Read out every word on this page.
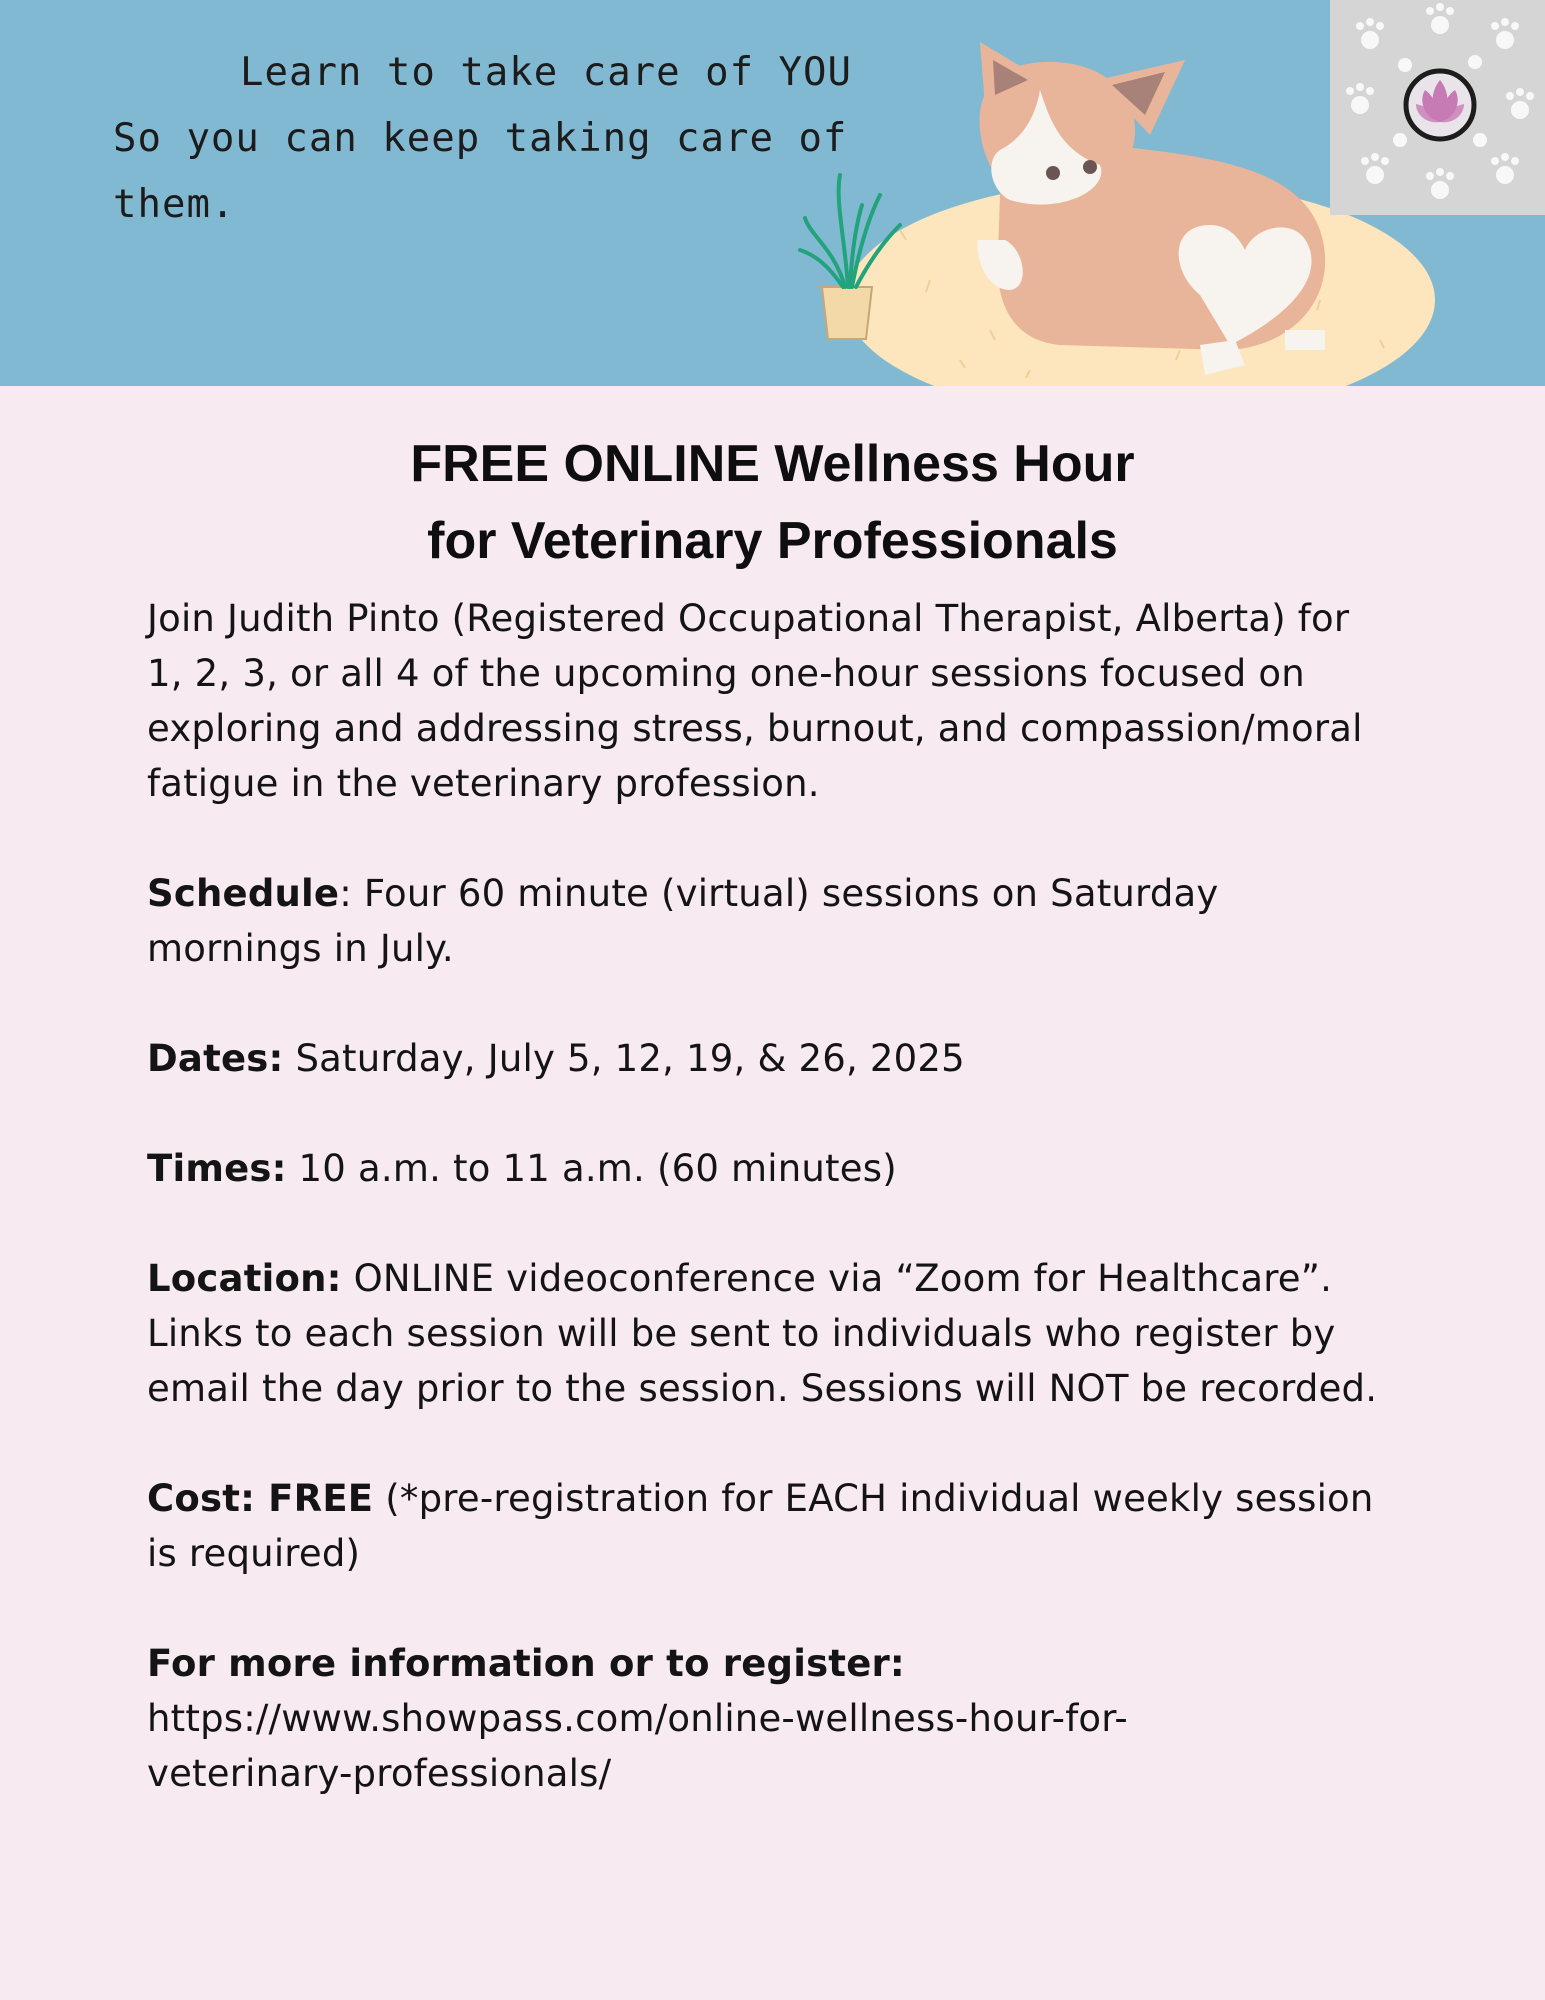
Learn to take care of YOU
So you can keep taking care of them.
FREE ONLINE Wellness Hour
for Veterinary Professionals

Join Judith Pinto (Registered Occupational Therapist, Alberta) for 1, 2, 3, or all 4 of the upcoming one-hour sessions focused on exploring and addressing stress, burnout, and compassion/moral fatigue in the veterinary profession.

Schedule: Four 60 minute (virtual) sessions on Saturday mornings in July.

Dates: Saturday, July 5, 12, 19, & 26, 2025

Times: 10 a.m. to 11 a.m. (60 minutes)

Location: ONLINE videoconference via “Zoom for Healthcare”. Links to each session will be sent to individuals who register by email the day prior to the session. Sessions will NOT be recorded.

Cost: FREE (*pre-registration for EACH individual weekly session is required)

For more information or to register:
https://www.showpass.com/online-wellness-hour-for-
veterinary-professionals/
